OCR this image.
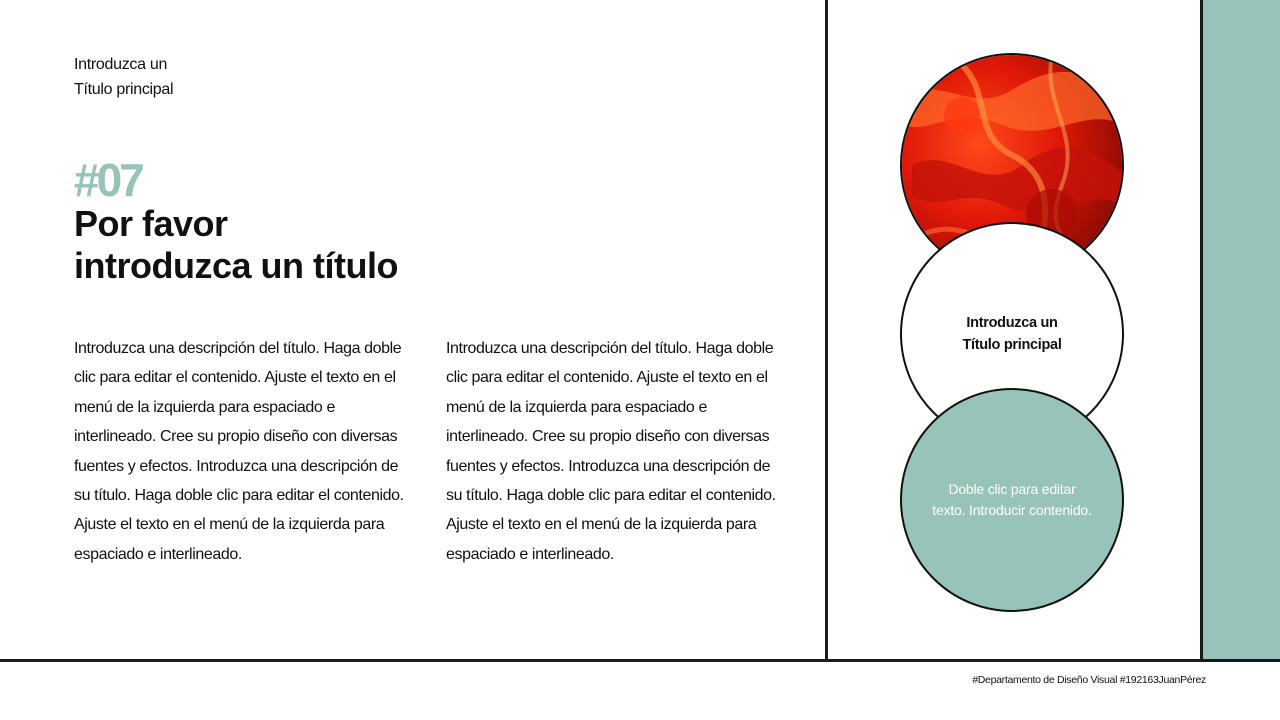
Introduzca un
Título principal
#07
Por favor introduzca un título
Introduzca una descripción del título. Haga doble clic para editar el contenido. Ajuste el texto en el menú de la izquierda para espaciado e interlineado. Cree su propio diseño con diversas fuentes y efectos. Introduzca una descripción de su título. Haga doble clic para editar el contenido. Ajuste el texto en el menú de la izquierda para espaciado e interlineado.
Introduzca una descripción del título. Haga doble clic para editar el contenido. Ajuste el texto en el menú de la izquierda para espaciado e interlineado. Cree su propio diseño con diversas fuentes y efectos. Introduzca una descripción de su título. Haga doble clic para editar el contenido. Ajuste el texto en el menú de la izquierda para espaciado e interlineado.
Introduzca un
Título principal
Doble clic para editar texto. Introducir contenido.
#Departamento de Diseño Visual #192163JuanPérez
